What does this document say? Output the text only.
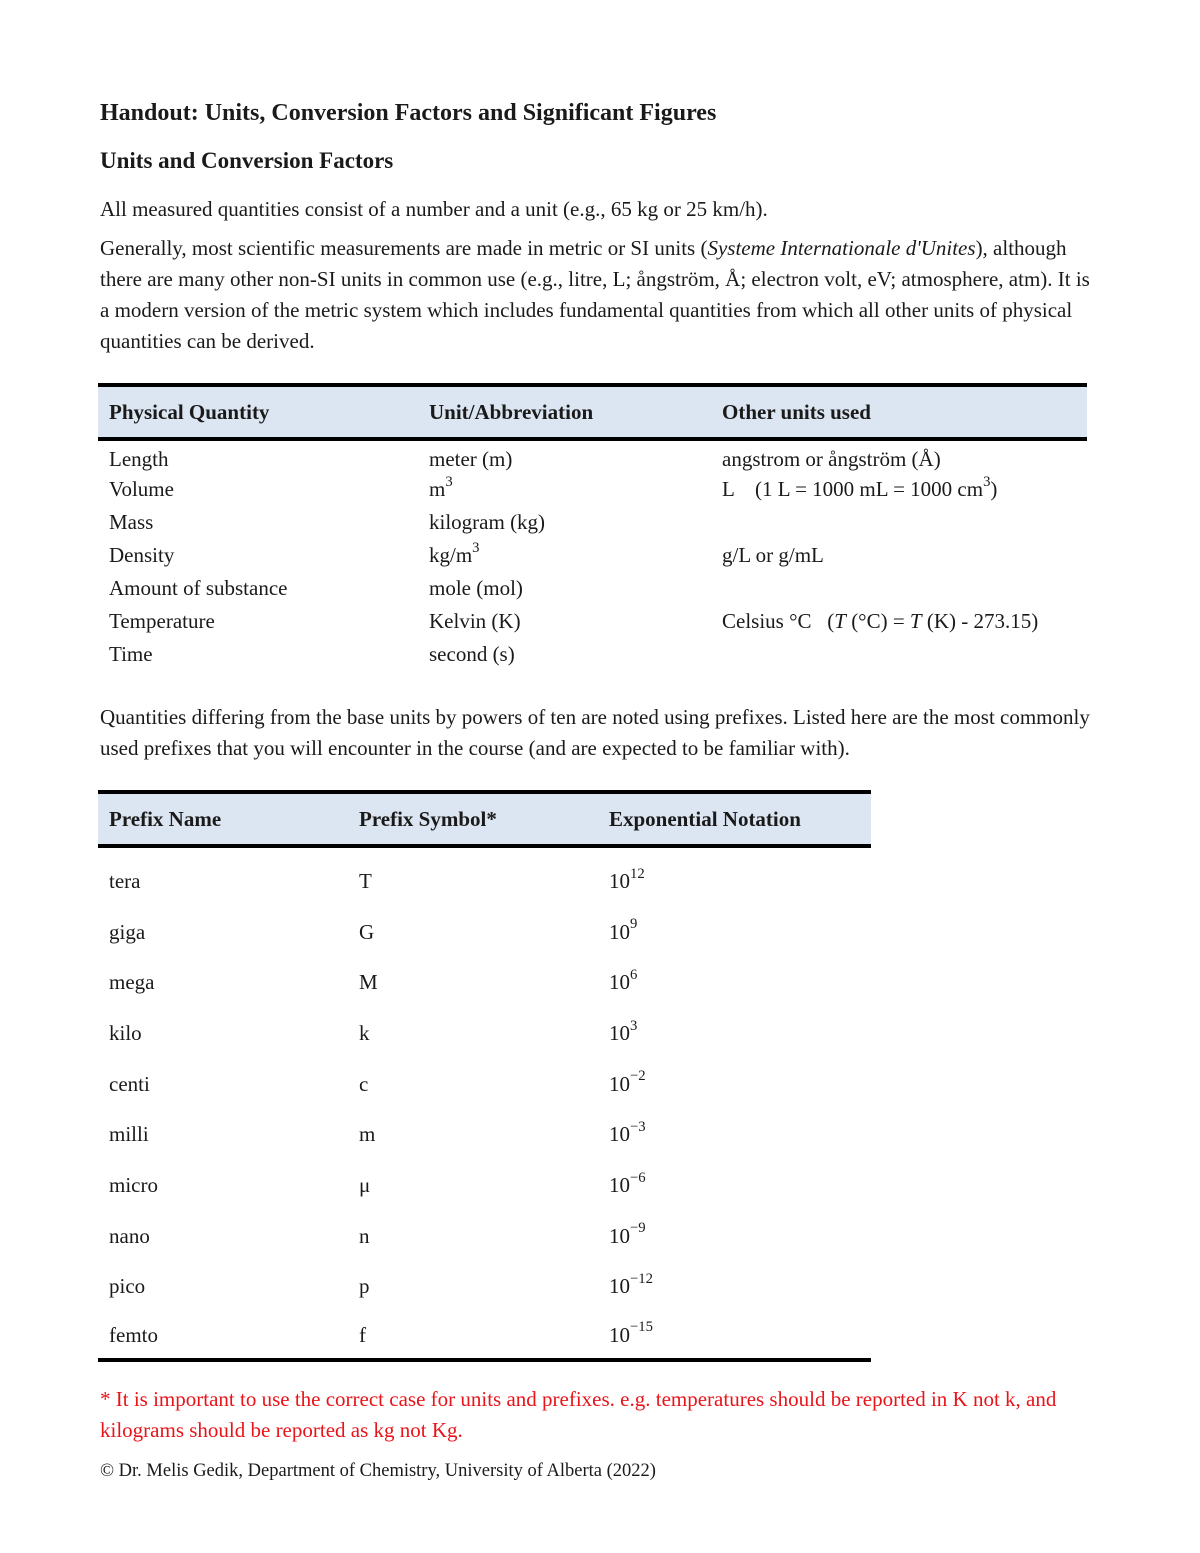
Handout: Units, Conversion Factors and Significant Figures
Units and Conversion Factors

All measured quantities consist of a number and a unit (e.g., 65 kg or 25 km/h).

Generally, most scientific measurements are made in metric or SI units (Systeme Internationale d'Unites), although there are many other non-SI units in common use (e.g., litre, L; ångström, Å; electron volt, eV; atmosphere, atm). It is a modern version of the metric system which includes fundamental quantities from which all other units of physical quantities can be derived.

Physical Quantity	Unit/Abbreviation	Other units used
Length	meter (m)	angstrom or ångström (Å)
Volume	$m^3$	L    (1 L = 1000 mL = 1000 $cm^3$)
Mass	kilogram (kg)	
Density	$kg/m^3$	g/L or g/mL
Amount of substance	mole (mol)	
Temperature	Kelvin (K)	Celsius °C   (T (°C) = T (K) - 273.15)
Time	second (s)	

Quantities differing from the base units by powers of ten are noted using prefixes. Listed here are the most commonly used prefixes that you will encounter in the course (and are expected to be familiar with).

Prefix Name	Prefix Symbol*	Exponential Notation
tera	T	$10^{12}$
giga	G	$10^9$
mega	M	$10^6$
kilo	k	$10^3$
centi	c	$10^{-2}$
milli	m	$10^{-3}$
micro	μ	$10^{-6}$
nano	n	$10^{-9}$
pico	p	$10^{-12}$
femto	f	$10^{-15}$

* It is important to use the correct case for units and prefixes. e.g. temperatures should be reported in K not k, and kilograms should be reported as kg not Kg.

© Dr. Melis Gedik, Department of Chemistry, University of Alberta (2022)
